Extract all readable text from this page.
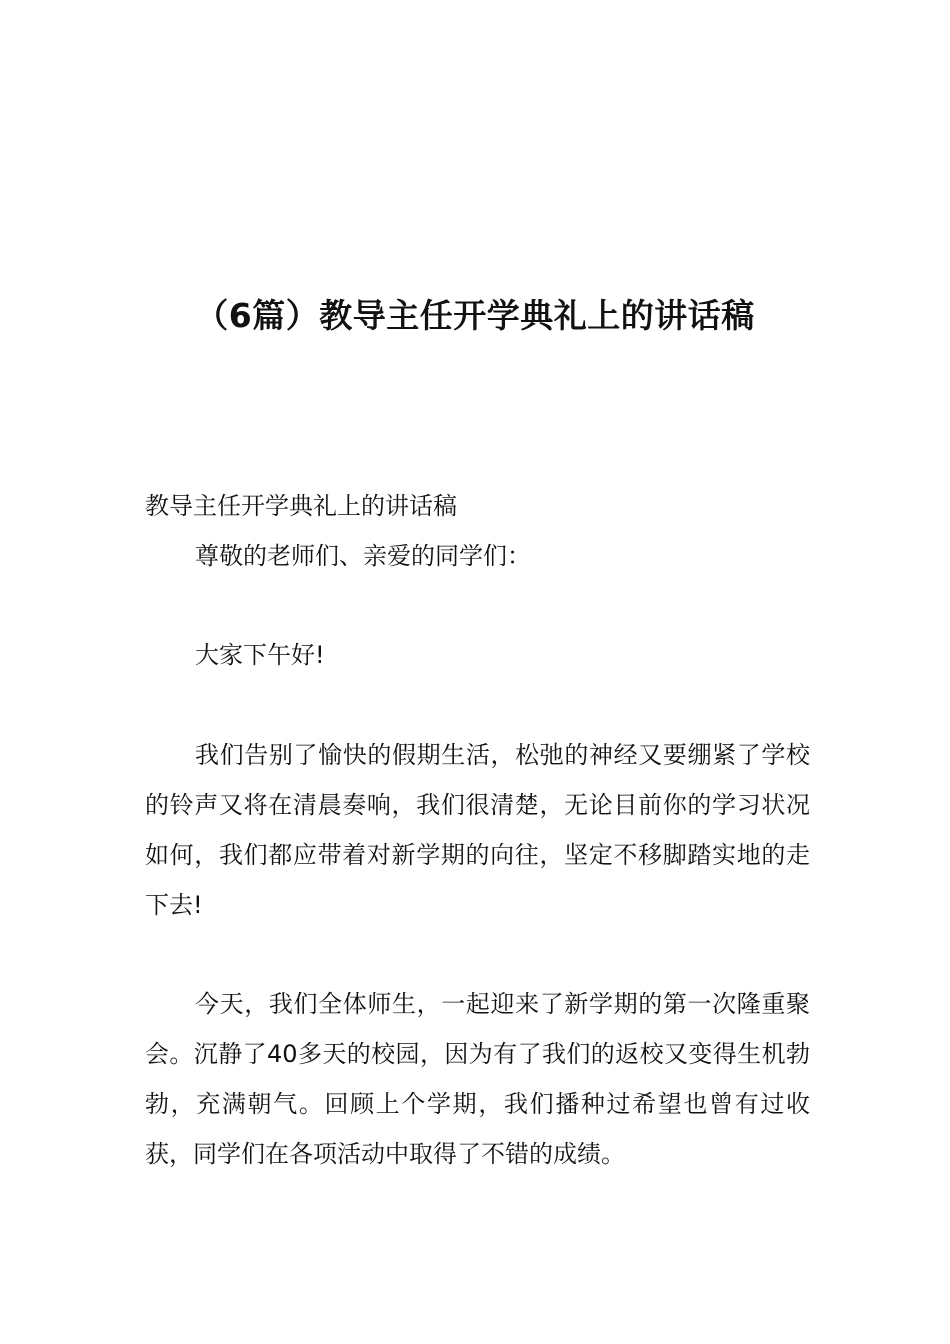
（6篇）教导主任开学典礼上的讲话稿

教导主任开学典礼上的讲话稿

尊敬的老师们、亲爱的同学们：

大家下午好!

我们告别了愉快的假期生活，松弛的神经又要绷紧了学校的铃声又将在清晨奏响，我们很清楚，无论目前你的学习状况如何，我们都应带着对新学期的向往，坚定不移脚踏实地的走下去!

今天，我们全体师生，一起迎来了新学期的第一次隆重聚会。沉静了40多天的校园，因为有了我们的返校又变得生机勃勃，充满朝气。回顾上个学期，我们播种过希望也曾有过收获，同学们在各项活动中取得了不错的成绩。
